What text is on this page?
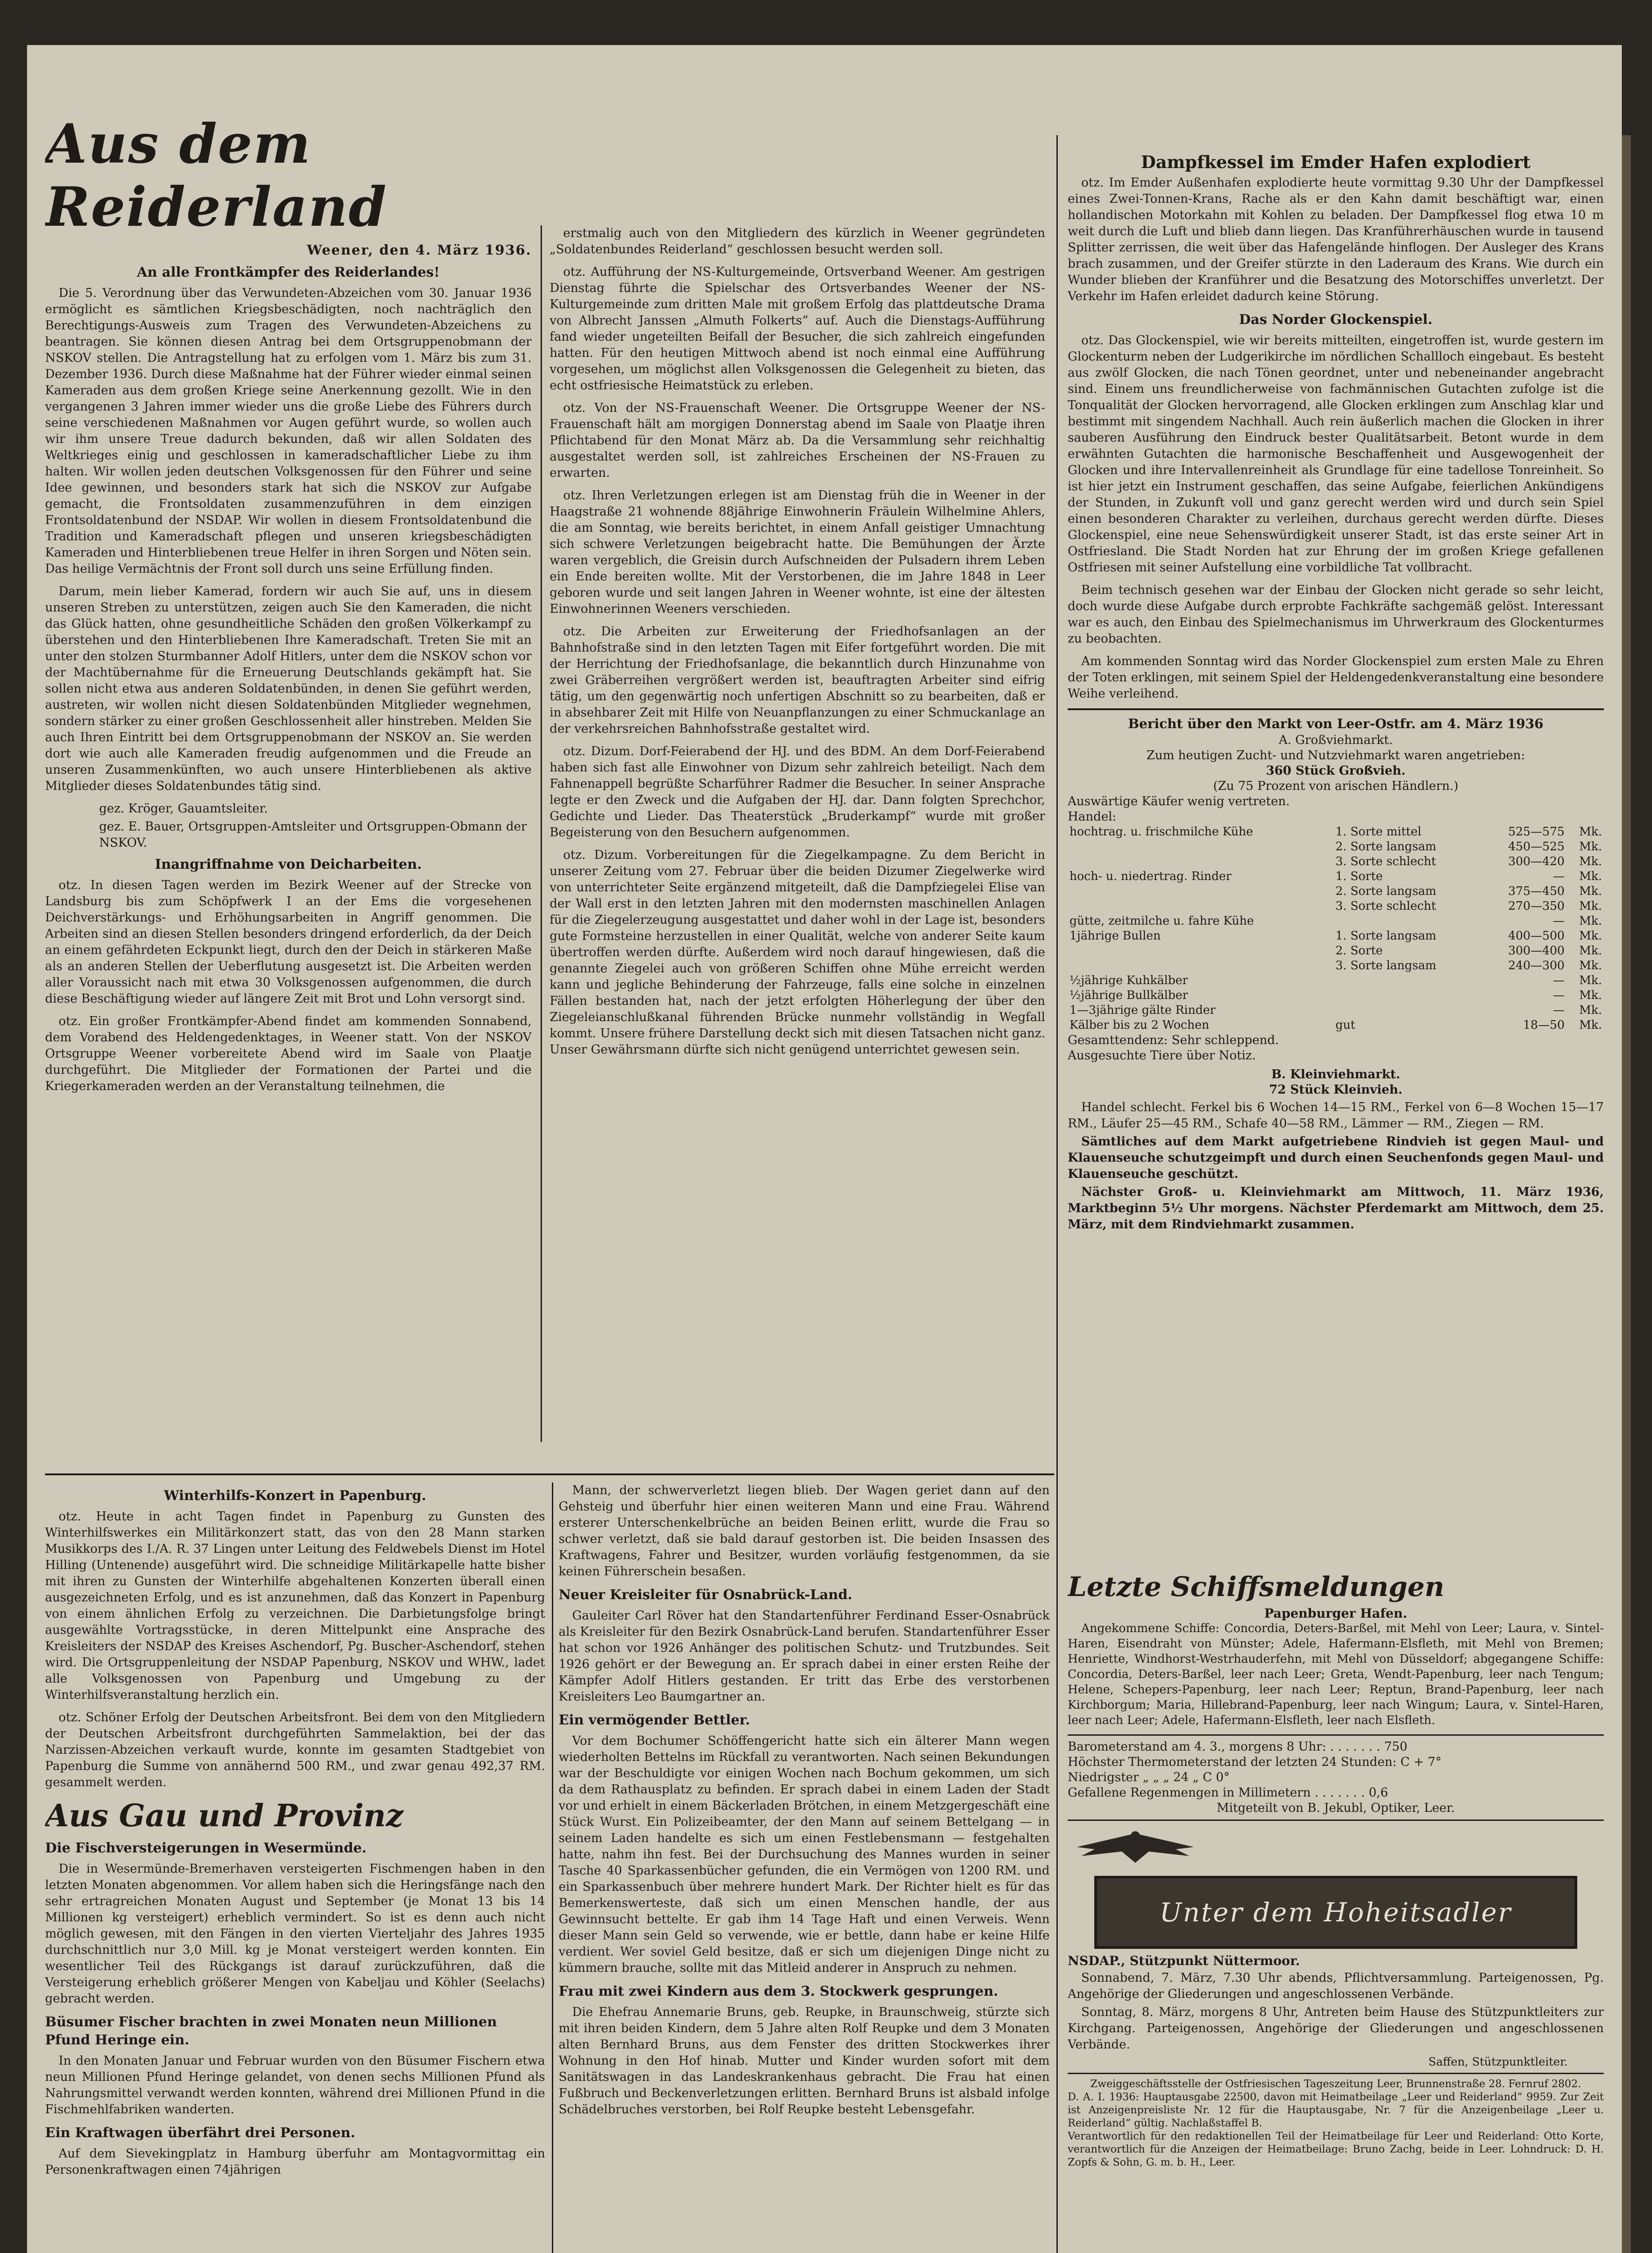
Aus dem Reiderland
Weener, den 4. März 1936.
An alle Frontkämpfer des Reiderlandes!

Die 5. Verordnung über das Verwundeten-Abzeichen vom 30. Januar 1936 ermöglicht es sämtlichen Kriegsbeschädigten, noch nachträglich den Berechtigungs-Ausweis zum Tragen des Verwundeten-Abzeichens zu beantragen. Sie können diesen Antrag bei dem Ortsgruppenobmann der NSKOV stellen. Die Antragstellung hat zu erfolgen vom 1. März bis zum 31. Dezember 1936. Durch diese Maßnahme hat der Führer wieder einmal seinen Kameraden aus dem großen Kriege seine Anerkennung gezollt. Wie in den vergangenen 3 Jahren immer wieder uns die große Liebe des Führers durch seine verschiedenen Maßnahmen vor Augen geführt wurde, so wollen auch wir ihm unsere Treue dadurch bekunden, daß wir allen Soldaten des Weltkrieges einig und geschlossen in kameradschaftlicher Liebe zu ihm halten. Wir wollen jeden deutschen Volksgenossen für den Führer und seine Idee gewinnen, und besonders stark hat sich die NSKOV zur Aufgabe gemacht, die Frontsoldaten zusammenzuführen in dem einzigen Frontsoldatenbund der NSDAP. Wir wollen in diesem Frontsoldatenbund die Tradition und Kameradschaft pflegen und unseren kriegsbeschädigten Kameraden und Hinterbliebenen treue Helfer in ihren Sorgen und Nöten sein. Das heilige Vermächtnis der Front soll durch uns seine Erfüllung finden.

Darum, mein lieber Kamerad, fordern wir auch Sie auf, uns in diesem unseren Streben zu unterstützen, zeigen auch Sie den Kameraden, die nicht das Glück hatten, ohne gesundheitliche Schäden den großen Völkerkampf zu überstehen und den Hinterbliebenen Ihre Kameradschaft. Treten Sie mit an unter den stolzen Sturmbanner Adolf Hitlers, unter dem die NSKOV schon vor der Machtübernahme für die Erneuerung Deutschlands gekämpft hat. Sie sollen nicht etwa aus anderen Soldatenbünden, in denen Sie geführt werden, austreten, wir wollen nicht diesen Soldatenbünden Mitglieder wegnehmen, sondern stärker zu einer großen Geschlossenheit aller hinstreben. Melden Sie auch Ihren Eintritt bei dem Ortsgruppenobmann der NSKOV an. Sie werden dort wie auch alle Kameraden freudig aufgenommen und die Freude an unseren Zusammenkünften, wo auch unsere Hinterbliebenen als aktive Mitglieder dieses Soldatenbundes tätig sind.

gez. Kröger, Gauamtsleiter.
gez. E. Bauer, Ortsgruppen-Amtsleiter und Ortsgruppen-Obmann der NSKOV.
Inangriffnahme von Deicharbeiten.

otz. In diesen Tagen werden im Bezirk Weener auf der Strecke von Landsburg bis zum Schöpfwerk I an der Ems die vorgesehenen Deichverstärkungs- und Erhöhungsarbeiten in Angriff genommen. Die Arbeiten sind an diesen Stellen besonders dringend erforderlich, da der Deich an einem gefährdeten Eckpunkt liegt, durch den der Deich in stärkeren Maße als an anderen Stellen der Ueberflutung ausgesetzt ist. Die Arbeiten werden aller Voraussicht nach mit etwa 30 Volksgenossen aufgenommen, die durch diese Beschäftigung wieder auf längere Zeit mit Brot und Lohn versorgt sind.

otz. Ein großer Frontkämpfer-Abend findet am kommenden Sonnabend, dem Vorabend des Heldengedenktages, in Weener statt. Von der NSKOV Ortsgruppe Weener vorbereitete Abend wird im Saale von Plaatje durchgeführt. Die Mitglieder der Formationen der Partei und die Kriegerkameraden werden an der Veranstaltung teilnehmen, die

erstmalig auch von den Mitgliedern des kürzlich in Weener gegründeten „Soldatenbundes Reiderland“ geschlossen besucht werden soll.

otz. Aufführung der NS-Kulturgemeinde, Ortsverband Weener. Am gestrigen Dienstag führte die Spielschar des Ortsverbandes Weener der NS-Kulturgemeinde zum dritten Male mit großem Erfolg das plattdeutsche Drama von Albrecht Janssen „Almuth Folkerts“ auf. Auch die Dienstags-Aufführung fand wieder ungeteilten Beifall der Besucher, die sich zahlreich eingefunden hatten. Für den heutigen Mittwoch abend ist noch einmal eine Aufführung vorgesehen, um möglichst allen Volksgenossen die Gelegenheit zu bieten, das echt ostfriesische Heimatstück zu erleben.

otz. Von der NS-Frauenschaft Weener. Die Ortsgruppe Weener der NS-Frauenschaft hält am morgigen Donnerstag abend im Saale von Plaatje ihren Pflichtabend für den Monat März ab. Da die Versammlung sehr reichhaltig ausgestaltet werden soll, ist zahlreiches Erscheinen der NS-Frauen zu erwarten.

otz. Ihren Verletzungen erlegen ist am Dienstag früh die in Weener in der Haagstraße 21 wohnende 88jährige Einwohnerin Fräulein Wilhelmine Ahlers, die am Sonntag, wie bereits berichtet, in einem Anfall geistiger Umnachtung sich schwere Verletzungen beigebracht hatte. Die Bemühungen der Ärzte waren vergeblich, die Greisin durch Aufschneiden der Pulsadern ihrem Leben ein Ende bereiten wollte. Mit der Verstorbenen, die im Jahre 1848 in Leer geboren wurde und seit langen Jahren in Weener wohnte, ist eine der ältesten Einwohnerinnen Weeners verschieden.

otz. Die Arbeiten zur Erweiterung der Friedhofsanlagen an der Bahnhofstraße sind in den letzten Tagen mit Eifer fortgeführt worden. Die mit der Herrichtung der Friedhofsanlage, die bekanntlich durch Hinzunahme von zwei Gräberreihen vergrößert werden ist, beauftragten Arbeiter sind eifrig tätig, um den gegenwärtig noch unfertigen Abschnitt so zu bearbeiten, daß er in absehbarer Zeit mit Hilfe von Neuanpflanzungen zu einer Schmuckanlage an der verkehrsreichen Bahnhofsstraße gestaltet wird.

otz. Dizum. Dorf-Feierabend der HJ. und des BDM. An dem Dorf-Feierabend haben sich fast alle Einwohner von Dizum sehr zahlreich beteiligt. Nach dem Fahnenappell begrüßte Scharführer Radmer die Besucher. In seiner Ansprache legte er den Zweck und die Aufgaben der HJ. dar. Dann folgten Sprechchor, Gedichte und Lieder. Das Theaterstück „Bruderkampf“ wurde mit großer Begeisterung von den Besuchern aufgenommen.

otz. Dizum. Vorbereitungen für die Ziegelkampagne. Zu dem Bericht in unserer Zeitung vom 27. Februar über die beiden Dizumer Ziegelwerke wird von unterrichteter Seite ergänzend mitgeteilt, daß die Dampfziegelei Elise van der Wall erst in den letzten Jahren mit den modernsten maschinellen Anlagen für die Ziegelerzeugung ausgestattet und daher wohl in der Lage ist, besonders gute Formsteine herzustellen in einer Qualität, welche von anderer Seite kaum übertroffen werden dürfte. Außerdem wird noch darauf hingewiesen, daß die genannte Ziegelei auch von größeren Schiffen ohne Mühe erreicht werden kann und jegliche Behinderung der Fahrzeuge, falls eine solche in einzelnen Fällen bestanden hat, nach der jetzt erfolgten Höherlegung der über den Ziegeleianschlußkanal führenden Brücke nunmehr vollständig in Wegfall kommt. Unsere frühere Darstellung deckt sich mit diesen Tatsachen nicht ganz. Unser Gewährsmann dürfte sich nicht genügend unterrichtet gewesen sein.

Dampfkessel im Emder Hafen explodiert

otz. Im Emder Außenhafen explodierte heute vormittag 9.30 Uhr der Dampfkessel eines Zwei-Tonnen-Krans, Rache als er den Kahn damit beschäftigt war, einen hollandischen Motorkahn mit Kohlen zu beladen. Der Dampfkessel flog etwa 10 m weit durch die Luft und blieb dann liegen. Das Kranführerhäuschen wurde in tausend Splitter zerrissen, die weit über das Hafengelände hinflogen. Der Ausleger des Krans brach zusammen, und der Greifer stürzte in den Laderaum des Krans. Wie durch ein Wunder blieben der Kranführer und die Besatzung des Motorschiffes unverletzt. Der Verkehr im Hafen erleidet dadurch keine Störung.

Das Norder Glockenspiel.

otz. Das Glockenspiel, wie wir bereits mitteilten, eingetroffen ist, wurde gestern im Glockenturm neben der Ludgerikirche im nördlichen Schallloch eingebaut. Es besteht aus zwölf Glocken, die nach Tönen geordnet, unter und nebeneinander angebracht sind. Einem uns freundlicherweise von fachmännischen Gutachten zufolge ist die Tonqualität der Glocken hervorragend, alle Glocken erklingen zum Anschlag klar und bestimmt mit singendem Nachhall. Auch rein äußerlich machen die Glocken in ihrer sauberen Ausführung den Eindruck bester Qualitätsarbeit. Betont wurde in dem erwähnten Gutachten die harmonische Beschaffenheit und Ausgewogenheit der Glocken und ihre Intervallenreinheit als Grundlage für eine tadellose Tonreinheit. So ist hier jetzt ein Instrument geschaffen, das seine Aufgabe, feierlichen Ankündigens der Stunden, in Zukunft voll und ganz gerecht werden wird und durch sein Spiel einen besonderen Charakter zu verleihen, durchaus gerecht werden dürfte. Dieses Glockenspiel, eine neue Sehenswürdigkeit unserer Stadt, ist das erste seiner Art in Ostfriesland. Die Stadt Norden hat zur Ehrung der im großen Kriege gefallenen Ostfriesen mit seiner Aufstellung eine vorbildliche Tat vollbracht.

Beim technisch gesehen war der Einbau der Glocken nicht gerade so sehr leicht, doch wurde diese Aufgabe durch erprobte Fachkräfte sachgemäß gelöst. Interessant war es auch, den Einbau des Spielmechanismus im Uhrwerkraum des Glockenturmes zu beobachten.

Am kommenden Sonntag wird das Norder Glockenspiel zum ersten Male zu Ehren der Toten erklingen, mit seinem Spiel der Heldengedenkveranstaltung eine besondere Weihe verleihend.

Bericht über den Markt von Leer-Ostfr. am 4. März 1936
A. Großviehmarkt.
Zum heutigen Zucht- und Nutzviehmarkt waren angetrieben:
360 Stück Großvieh.
(Zu 75 Prozent von arischen Händlern.)
Auswärtige Käufer wenig vertreten.
Handel:
hochtrag. u. frischmilche Kühe	1. Sorte mittel	525—575	Mk.
	2. Sorte langsam	450—525	Mk.
	3. Sorte schlecht	300—420	Mk.
hoch- u. niedertrag. Rinder	1. Sorte	—	Mk.
	2. Sorte langsam	375—450	Mk.
	3. Sorte schlecht	270—350	Mk.
gütte, zeitmilche u. fahre Kühe		—	Mk.
1jährige Bullen	1. Sorte langsam	400—500	Mk.
	2. Sorte	300—400	Mk.
	3. Sorte langsam	240—300	Mk.
½jährige Kuhkälber		—	Mk.
½jährige Bullkälber		—	Mk.
1—3jährige gälte Rinder		—	Mk.
Kälber bis zu 2 Wochen	gut	18—50	Mk.
Gesamttendenz: Sehr schleppend.
Ausgesuchte Tiere über Notiz.
B. Kleinviehmarkt.
72 Stück Kleinvieh.

Handel schlecht. Ferkel bis 6 Wochen 14—15 RM., Ferkel von 6—8 Wochen 15—17 RM., Läufer 25—45 RM., Schafe 40—58 RM., Lämmer — RM., Ziegen — RM.

Sämtliches auf dem Markt aufgetriebene Rindvieh ist gegen Maul- und Klauenseuche schutzgeimpft und durch einen Seuchenfonds gegen Maul- und Klauenseuche geschützt.

Nächster Groß- u. Kleinviehmarkt am Mittwoch, 11. März 1936, Marktbeginn 5½ Uhr morgens. Nächster Pferdemarkt am Mittwoch, dem 25. März, mit dem Rindviehmarkt zusammen.

Winterhilfs-Konzert in Papenburg.

otz. Heute in acht Tagen findet in Papenburg zu Gunsten des Winterhilfswerkes ein Militärkonzert statt, das von den 28 Mann starken Musikkorps des I./A. R. 37 Lingen unter Leitung des Feldwebels Dienst im Hotel Hilling (Untenende) ausgeführt wird. Die schneidige Militärkapelle hatte bisher mit ihren zu Gunsten der Winterhilfe abgehaltenen Konzerten überall einen ausgezeichneten Erfolg, und es ist anzunehmen, daß das Konzert in Papenburg von einem ähnlichen Erfolg zu verzeichnen. Die Darbietungsfolge bringt ausgewählte Vortragsstücke, in deren Mittelpunkt eine Ansprache des Kreisleiters der NSDAP des Kreises Aschendorf, Pg. Buscher-Aschendorf, stehen wird. Die Ortsgruppenleitung der NSDAP Papenburg, NSKOV und WHW., ladet alle Volksgenossen von Papenburg und Umgebung zu der Winterhilfsveranstaltung herzlich ein.

otz. Schöner Erfolg der Deutschen Arbeitsfront. Bei dem von den Mitgliedern der Deutschen Arbeitsfront durchgeführten Sammelaktion, bei der das Narzissen-Abzeichen verkauft wurde, konnte im gesamten Stadtgebiet von Papenburg die Summe von annähernd 500 RM., und zwar genau 492,37 RM. gesammelt werden.

Aus Gau und Provinz
Die Fischversteigerungen in Wesermünde.

Die in Wesermünde-Bremerhaven versteigerten Fischmengen haben in den letzten Monaten abgenommen. Vor allem haben sich die Heringsfänge nach den sehr ertragreichen Monaten August und September (je Monat 13 bis 14 Millionen kg versteigert) erheblich vermindert. So ist es denn auch nicht möglich gewesen, mit den Fängen in den vierten Vierteljahr des Jahres 1935 durchschnittlich nur 3,0 Mill. kg je Monat versteigert werden konnten. Ein wesentlicher Teil des Rückgangs ist darauf zurückzuführen, daß die Versteigerung erheblich größerer Mengen von Kabeljau und Köhler (Seelachs) gebracht werden.

Büsumer Fischer brachten in zwei Monaten neun Millionen Pfund Heringe ein.

In den Monaten Januar und Februar wurden von den Büsumer Fischern etwa neun Millionen Pfund Heringe gelandet, von denen sechs Millionen Pfund als Nahrungsmittel verwandt werden konnten, während drei Millionen Pfund in die Fischmehlfabriken wanderten.

Ein Kraftwagen überfährt drei Personen.

Auf dem Sievekingplatz in Hamburg überfuhr am Montagvormittag ein Personenkraftwagen einen 74jährigen

Mann, der schwerverletzt liegen blieb. Der Wagen geriet dann auf den Gehsteig und überfuhr hier einen weiteren Mann und eine Frau. Während ersterer Unterschenkelbrüche an beiden Beinen erlitt, wurde die Frau so schwer verletzt, daß sie bald darauf gestorben ist. Die beiden Insassen des Kraftwagens, Fahrer und Besitzer, wurden vorläufig festgenommen, da sie keinen Führerschein besaßen.

Neuer Kreisleiter für Osnabrück-Land.

Gauleiter Carl Röver hat den Standartenführer Ferdinand Esser-Osnabrück als Kreisleiter für den Bezirk Osnabrück-Land berufen. Standartenführer Esser hat schon vor 1926 Anhänger des politischen Schutz- und Trutzbundes. Seit 1926 gehört er der Bewegung an. Er sprach dabei in einer ersten Reihe der Kämpfer Adolf Hitlers gestanden. Er tritt das Erbe des verstorbenen Kreisleiters Leo Baumgartner an.

Ein vermögender Bettler.

Vor dem Bochumer Schöffengericht hatte sich ein älterer Mann wegen wiederholten Bettelns im Rückfall zu verantworten. Nach seinen Bekundungen war der Beschuldigte vor einigen Wochen nach Bochum gekommen, um sich da dem Rathausplatz zu befinden. Er sprach dabei in einem Laden der Stadt vor und erhielt in einem Bäckerladen Brötchen, in einem Metzgergeschäft eine Stück Wurst. Ein Polizeibeamter, der den Mann auf seinem Bettelgang — in seinem Laden handelte es sich um einen Festlebensmann — festgehalten hatte, nahm ihn fest. Bei der Durchsuchung des Mannes wurden in seiner Tasche 40 Sparkassenbücher gefunden, die ein Vermögen von 1200 RM. und ein Sparkassenbuch über mehrere hundert Mark. Der Richter hielt es für das Bemerkenswerteste, daß sich um einen Menschen handle, der aus Gewinnsucht bettelte. Er gab ihm 14 Tage Haft und einen Verweis. Wenn dieser Mann sein Geld so verwende, wie er bettle, dann habe er keine Hilfe verdient. Wer soviel Geld besitze, daß er sich um diejenigen Dinge nicht zu kümmern brauche, sollte mit das Mitleid anderer in Anspruch zu nehmen.

Frau mit zwei Kindern aus dem 3. Stockwerk gesprungen.

Die Ehefrau Annemarie Bruns, geb. Reupke, in Braunschweig, stürzte sich mit ihren beiden Kindern, dem 5 Jahre alten Rolf Reupke und dem 3 Monaten alten Bernhard Bruns, aus dem Fenster des dritten Stockwerkes ihrer Wohnung in den Hof hinab. Mutter und Kinder wurden sofort mit dem Sanitätswagen in das Landeskrankenhaus gebracht. Die Frau hat einen Fußbruch und Beckenverletzungen erlitten. Bernhard Bruns ist alsbald infolge Schädelbruches verstorben, bei Rolf Reupke besteht Lebensgefahr.

Letzte Schiffsmeldungen
Papenburger Hafen.

Angekommene Schiffe: Concordia, Deters-Barßel, mit Mehl von Leer; Laura, v. Sintel-Haren, Eisendraht von Münster; Adele, Hafermann-Elsfleth, mit Mehl von Bremen; Henriette, Windhorst-Westrhauderfehn, mit Mehl von Düsseldorf; abgegangene Schiffe: Concordia, Deters-Barßel, leer nach Leer; Greta, Wendt-Papenburg, leer nach Tengum; Helene, Schepers-Papenburg, leer nach Leer; Reptun, Brand-Papenburg, leer nach Kirchborgum; Maria, Hillebrand-Papenburg, leer nach Wingum; Laura, v. Sintel-Haren, leer nach Leer; Adele, Hafermann-Elsfleth, leer nach Elsfleth.

Barometerstand am 4. 3., morgens 8 Uhr: . . . . . . . 750
Höchster Thermometerstand der letzten 24 Stunden: C + 7°
Niedrigster „ „ „ 24 „ C 0°
Gefallene Regenmengen in Millimetern . . . . . . . 0,6
Mitgeteilt von B. Jekubl, Optiker, Leer.
Unter dem Hoheitsadler
NSDAP., Stützpunkt Nüttermoor.

Sonnabend, 7. März, 7.30 Uhr abends, Pflichtversammlung. Parteigenossen, Pg. Angehörige der Gliederungen und angeschlossenen Verbände.

Sonntag, 8. März, morgens 8 Uhr, Antreten beim Hause des Stützpunktleiters zur Kirchgang. Parteigenossen, Angehörige der Gliederungen und angeschlossenen Verbände.

Saffen, Stützpunktleiter.
Zweiggeschäftsstelle der Ostfriesischen Tageszeitung Leer, Brunnenstraße 28. Fernruf 2802.
D. A. I. 1936: Hauptausgabe 22500, davon mit Heimatbeilage „Leer und Reiderland“ 9959. Zur Zeit ist Anzeigenpreisliste Nr. 12 für die Hauptausgabe, Nr. 7 für die Anzeigenbeilage „Leer u. Reiderland“ gültig. Nachlaßstaffel B.
Verantwortlich für den redaktionellen Teil der Heimatbeilage für Leer und Reiderland: Otto Korte, verantwortlich für die Anzeigen der Heimatbeilage: Bruno Zachg, beide in Leer. Lohndruck: D. H. Zopfs & Sohn, G. m. b. H., Leer.
